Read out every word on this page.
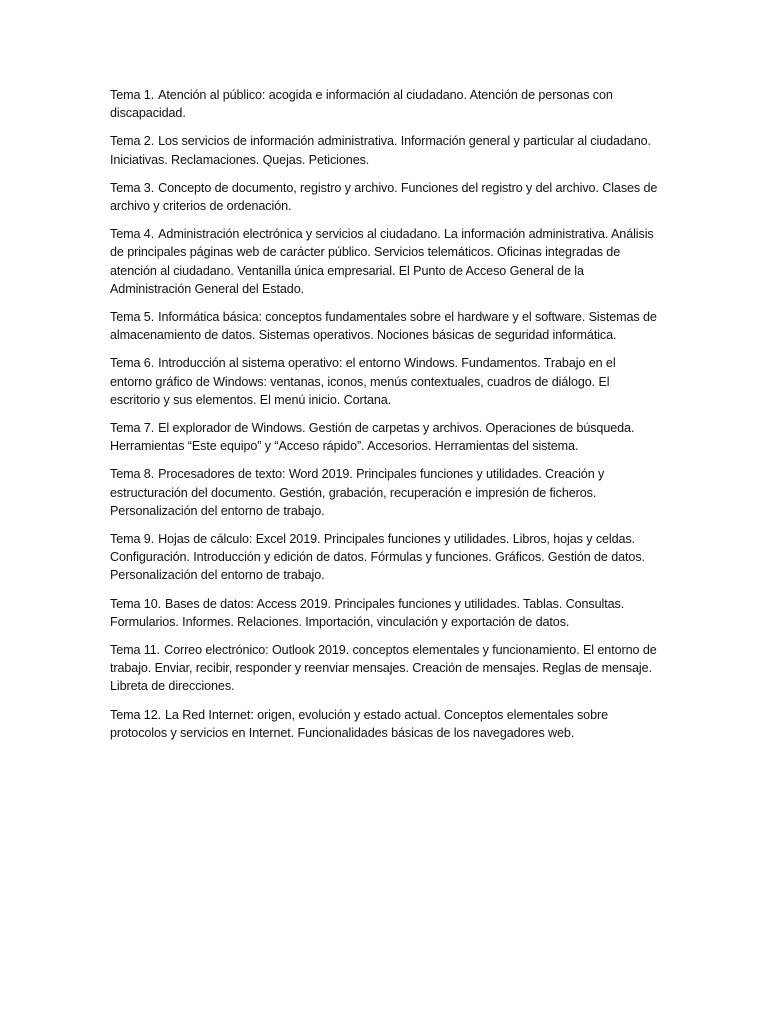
Tema 1. Atención al público: acogida e información al ciudadano. Atención de personas con discapacidad.

Tema 2. Los servicios de información administrativa. Información general y particular al ciudadano. Iniciativas. Reclamaciones. Quejas. Peticiones.

Tema 3. Concepto de documento, registro y archivo. Funciones del registro y del archivo. Clases de archivo y criterios de ordenación.

Tema 4. Administración electrónica y servicios al ciudadano. La información administrativa. Análisis de principales páginas web de carácter público. Servicios telemáticos. Oficinas integradas de atención al ciudadano. Ventanilla única empresarial. El Punto de Acceso General de la Administración General del Estado.

Tema 5. Informática básica: conceptos fundamentales sobre el hardware y el software. Sistemas de almacenamiento de datos. Sistemas operativos. Nociones básicas de seguridad informática.

Tema 6. Introducción al sistema operativo: el entorno Windows. Fundamentos. Trabajo en el entorno gráfico de Windows: ventanas, iconos, menús contextuales, cuadros de diálogo. El escritorio y sus elementos. El menú inicio. Cortana.

Tema 7. El explorador de Windows. Gestión de carpetas y archivos. Operaciones de búsqueda. Herramientas “Este equipo” y “Acceso rápido”. Accesorios. Herramientas del sistema.

Tema 8. Procesadores de texto: Word 2019. Principales funciones y utilidades. Creación y estructuración del documento. Gestión, grabación, recuperación e impresión de ficheros. Personalización del entorno de trabajo.

Tema 9. Hojas de cálculo: Excel 2019. Principales funciones y utilidades. Libros, hojas y celdas. Configuración. Introducción y edición de datos. Fórmulas y funciones. Gráficos. Gestión de datos. Personalización del entorno de trabajo.

Tema 10. Bases de datos: Access 2019. Principales funciones y utilidades. Tablas. Consultas. Formularios. Informes. Relaciones. Importación, vinculación y exportación de datos.

Tema 11. Correo electrónico: Outlook 2019. conceptos elementales y funcionamiento. El entorno de trabajo. Enviar, recibir, responder y reenviar mensajes. Creación de mensajes. Reglas de mensaje. Libreta de direcciones.

Tema 12. La Red Internet: origen, evolución y estado actual. Conceptos elementales sobre protocolos y servicios en Internet. Funcionalidades básicas de los navegadores web.
